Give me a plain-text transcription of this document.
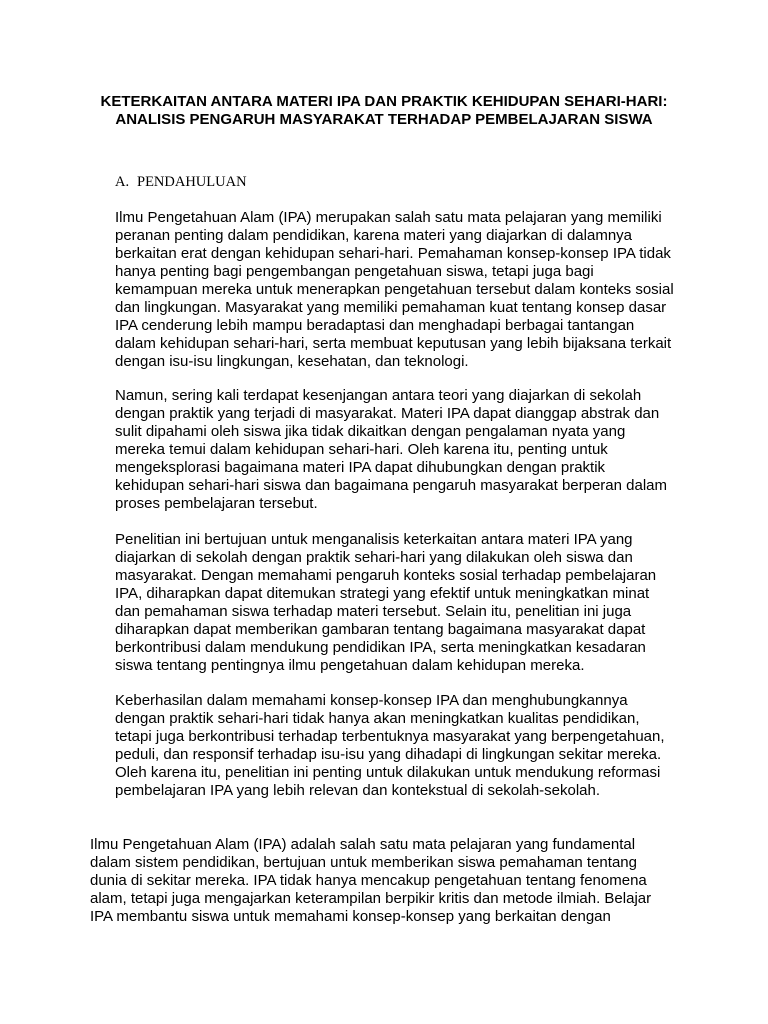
KETERKAITAN ANTARA MATERI IPA DAN PRAKTIK KEHIDUPAN SEHARI-HARI:
ANALISIS PENGARUH MASYARAKAT TERHADAP PEMBELAJARAN SISWA
A. PENDAHULUAN

Ilmu Pengetahuan Alam (IPA) merupakan salah satu mata pelajaran yang memiliki
peranan penting dalam pendidikan, karena materi yang diajarkan di dalamnya
berkaitan erat dengan kehidupan sehari-hari. Pemahaman konsep-konsep IPA tidak
hanya penting bagi pengembangan pengetahuan siswa, tetapi juga bagi
kemampuan mereka untuk menerapkan pengetahuan tersebut dalam konteks sosial
dan lingkungan. Masyarakat yang memiliki pemahaman kuat tentang konsep dasar
IPA cenderung lebih mampu beradaptasi dan menghadapi berbagai tantangan
dalam kehidupan sehari-hari, serta membuat keputusan yang lebih bijaksana terkait
dengan isu-isu lingkungan, kesehatan, dan teknologi.

Namun, sering kali terdapat kesenjangan antara teori yang diajarkan di sekolah
dengan praktik yang terjadi di masyarakat. Materi IPA dapat dianggap abstrak dan
sulit dipahami oleh siswa jika tidak dikaitkan dengan pengalaman nyata yang
mereka temui dalam kehidupan sehari-hari. Oleh karena itu, penting untuk
mengeksplorasi bagaimana materi IPA dapat dihubungkan dengan praktik
kehidupan sehari-hari siswa dan bagaimana pengaruh masyarakat berperan dalam
proses pembelajaran tersebut.

Penelitian ini bertujuan untuk menganalisis keterkaitan antara materi IPA yang
diajarkan di sekolah dengan praktik sehari-hari yang dilakukan oleh siswa dan
masyarakat. Dengan memahami pengaruh konteks sosial terhadap pembelajaran
IPA, diharapkan dapat ditemukan strategi yang efektif untuk meningkatkan minat
dan pemahaman siswa terhadap materi tersebut. Selain itu, penelitian ini juga
diharapkan dapat memberikan gambaran tentang bagaimana masyarakat dapat
berkontribusi dalam mendukung pendidikan IPA, serta meningkatkan kesadaran
siswa tentang pentingnya ilmu pengetahuan dalam kehidupan mereka.

Keberhasilan dalam memahami konsep-konsep IPA dan menghubungkannya
dengan praktik sehari-hari tidak hanya akan meningkatkan kualitas pendidikan,
tetapi juga berkontribusi terhadap terbentuknya masyarakat yang berpengetahuan,
peduli, dan responsif terhadap isu-isu yang dihadapi di lingkungan sekitar mereka.
Oleh karena itu, penelitian ini penting untuk dilakukan untuk mendukung reformasi
pembelajaran IPA yang lebih relevan dan kontekstual di sekolah-sekolah.

Ilmu Pengetahuan Alam (IPA) adalah salah satu mata pelajaran yang fundamental
dalam sistem pendidikan, bertujuan untuk memberikan siswa pemahaman tentang
dunia di sekitar mereka. IPA tidak hanya mencakup pengetahuan tentang fenomena
alam, tetapi juga mengajarkan keterampilan berpikir kritis dan metode ilmiah. Belajar
IPA membantu siswa untuk memahami konsep-konsep yang berkaitan dengan
